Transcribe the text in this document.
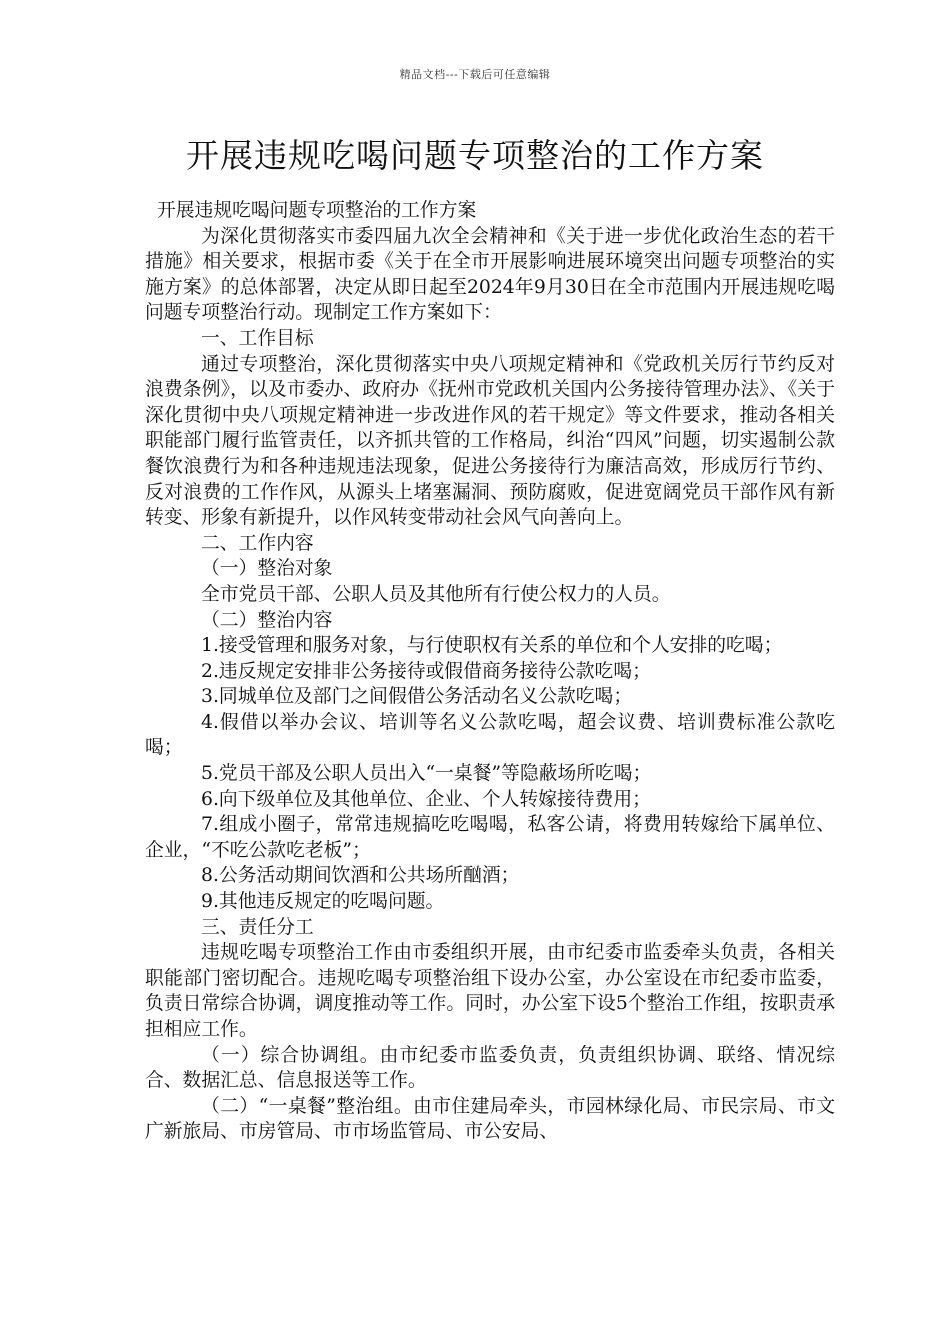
精品文档---下载后可任意编辑
开展违规吃喝问题专项整治的工作方案

开展违规吃喝问题专项整治的工作方案

为深化贯彻落实市委四届九次全会精神和《关于进一步优化政治生态的若干措施》相关要求，根据市委《关于在全市开展影响进展环境突出问题专项整治的实施方案》的总体部署，决定从即日起至2024年9月30日在全市范围内开展违规吃喝问题专项整治行动。现制定工作方案如下：

一、工作目标

通过专项整治，深化贯彻落实中央八项规定精神和《党政机关厉行节约反对浪费条例》，以及市委办、政府办《抚州市党政机关国内公务接待管理办法》、《关于深化贯彻中央八项规定精神进一步改进作风的若干规定》等文件要求，推动各相关职能部门履行监管责任，以齐抓共管的工作格局，纠治“四风”问题，切实遏制公款餐饮浪费行为和各种违规违法现象，促进公务接待行为廉洁高效，形成厉行节约、反对浪费的工作作风，从源头上堵塞漏洞、预防腐败，促进宽阔党员干部作风有新转变、形象有新提升，以作风转变带动社会风气向善向上。

二、工作内容

（一）整治对象

全市党员干部、公职人员及其他所有行使公权力的人员。

（二）整治内容

1.接受管理和服务对象，与行使职权有关系的单位和个人安排的吃喝；

2.违反规定安排非公务接待或假借商务接待公款吃喝；

3.同城单位及部门之间假借公务活动名义公款吃喝；

4.假借以举办会议、培训等名义公款吃喝，超会议费、培训费标准公款吃喝；

5.党员干部及公职人员出入“一桌餐”等隐蔽场所吃喝；

6.向下级单位及其他单位、企业、个人转嫁接待费用；

7.组成小圈子，常常违规搞吃吃喝喝，私客公请，将费用转嫁给下属单位、企业，“不吃公款吃老板”；

8.公务活动期间饮酒和公共场所酗酒；

9.其他违反规定的吃喝问题。

三、责任分工

违规吃喝专项整治工作由市委组织开展，由市纪委市监委牵头负责，各相关职能部门密切配合。违规吃喝专项整治组下设办公室，办公室设在市纪委市监委，负责日常综合协调，调度推动等工作。同时，办公室下设5个整治工作组，按职责承担相应工作。

（一）综合协调组。由市纪委市监委负责，负责组织协调、联络、情况综合、数据汇总、信息报送等工作。

（二）“一桌餐”整治组。由市住建局牵头，市园林绿化局、市民宗局、市文广新旅局、市房管局、市市场监管局、市公安局、
